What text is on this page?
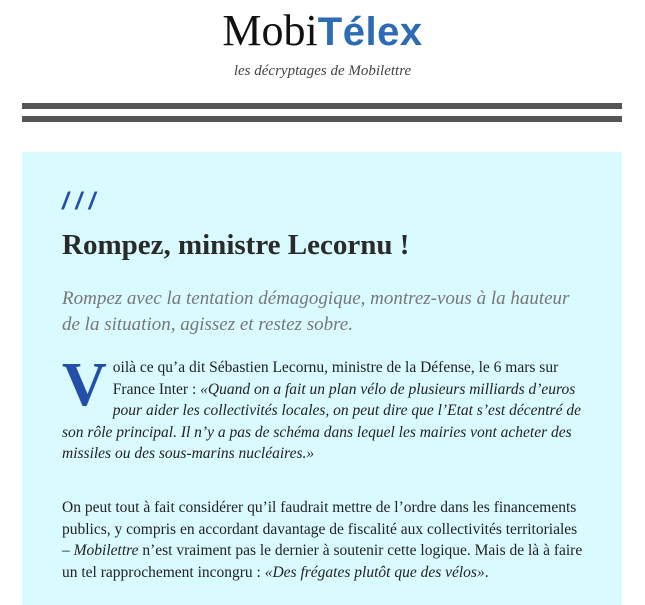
MobiTélex
les décryptages de Mobilettre
/ / /
Rompez, ministre Lecornu !

Rompez avec la tentation démagogique, montrez-vous à la hauteur de la situation, agissez et restez sobre.

Voilà ce qu’a dit Sébastien Lecornu, ministre de la Défense, le 6 mars sur France Inter : «Quand on a fait un plan vélo de plusieurs milliards d’euros pour aider les collectivités locales, on peut dire que l’Etat s’est décentré de son rôle principal. Il n’y a pas de schéma dans lequel les mairies vont acheter des missiles ou des sous-marins nucléaires.»

On peut tout à fait considérer qu’il faudrait mettre de l’ordre dans les financements publics, y compris en accordant davantage de fiscalité aux collectivités territoriales – Mobilettre n’est vraiment pas le dernier à soutenir cette logique. Mais de là à faire un tel rapprochement incongru : «Des frégates plutôt que des vélos».
